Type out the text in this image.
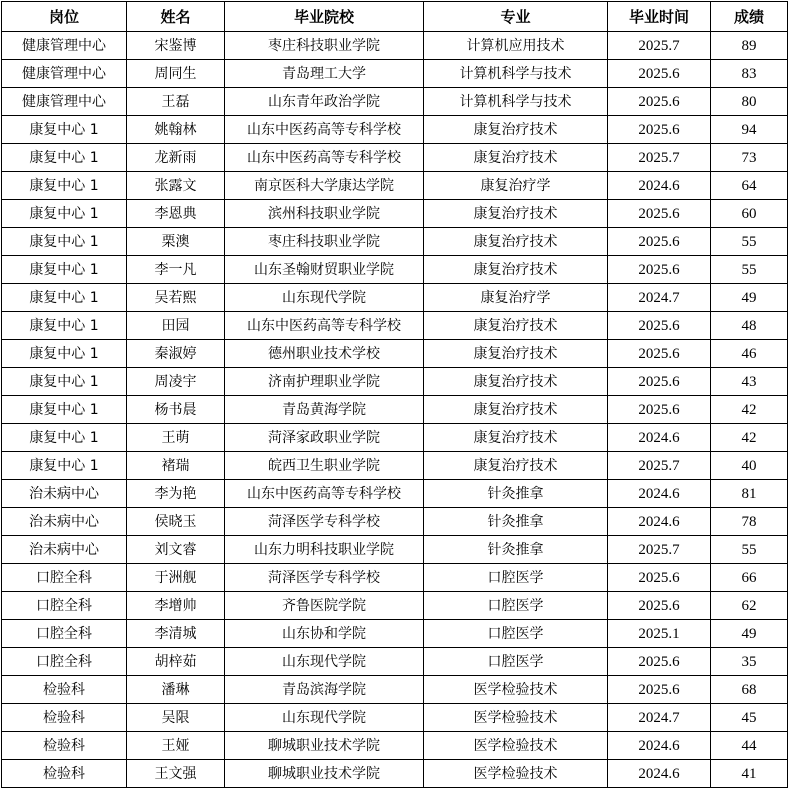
岗位	姓名	毕业院校	专业	毕业时间	成绩
健康管理中心	宋鉴博	枣庄科技职业学院	计算机应用技术	2025.7	89
健康管理中心	周同生	青岛理工大学	计算机科学与技术	2025.6	83
健康管理中心	王磊	山东青年政治学院	计算机科学与技术	2025.6	80
康复中心 1	姚翰林	山东中医药高等专科学校	康复治疗技术	2025.6	94
康复中心 1	龙新雨	山东中医药高等专科学校	康复治疗技术	2025.7	73
康复中心 1	张露文	南京医科大学康达学院	康复治疗学	2024.6	64
康复中心 1	李恩典	滨州科技职业学院	康复治疗技术	2025.6	60
康复中心 1	栗澳	枣庄科技职业学院	康复治疗技术	2025.6	55
康复中心 1	李一凡	山东圣翰财贸职业学院	康复治疗技术	2025.6	55
康复中心 1	吴若熙	山东现代学院	康复治疗学	2024.7	49
康复中心 1	田园	山东中医药高等专科学校	康复治疗技术	2025.6	48
康复中心 1	秦淑婷	德州职业技术学校	康复治疗技术	2025.6	46
康复中心 1	周凌宇	济南护理职业学院	康复治疗技术	2025.6	43
康复中心 1	杨书晨	青岛黄海学院	康复治疗技术	2025.6	42
康复中心 1	王萌	菏泽家政职业学院	康复治疗技术	2024.6	42
康复中心 1	褚瑞	皖西卫生职业学院	康复治疗技术	2025.7	40
治未病中心	李为艳	山东中医药高等专科学校	针灸推拿	2024.6	81
治未病中心	侯晓玉	菏泽医学专科学校	针灸推拿	2024.6	78
治未病中心	刘文睿	山东力明科技职业学院	针灸推拿	2025.7	55
口腔全科	于洲舰	菏泽医学专科学校	口腔医学	2025.6	66
口腔全科	李增帅	齐鲁医院学院	口腔医学	2025.6	62
口腔全科	李清城	山东协和学院	口腔医学	2025.1	49
口腔全科	胡梓茹	山东现代学院	口腔医学	2025.6	35
检验科	潘琳	青岛滨海学院	医学检验技术	2025.6	68
检验科	吴限	山东现代学院	医学检验技术	2024.7	45
检验科	王娅	聊城职业技术学院	医学检验技术	2024.6	44
检验科	王文强	聊城职业技术学院	医学检验技术	2024.6	41
